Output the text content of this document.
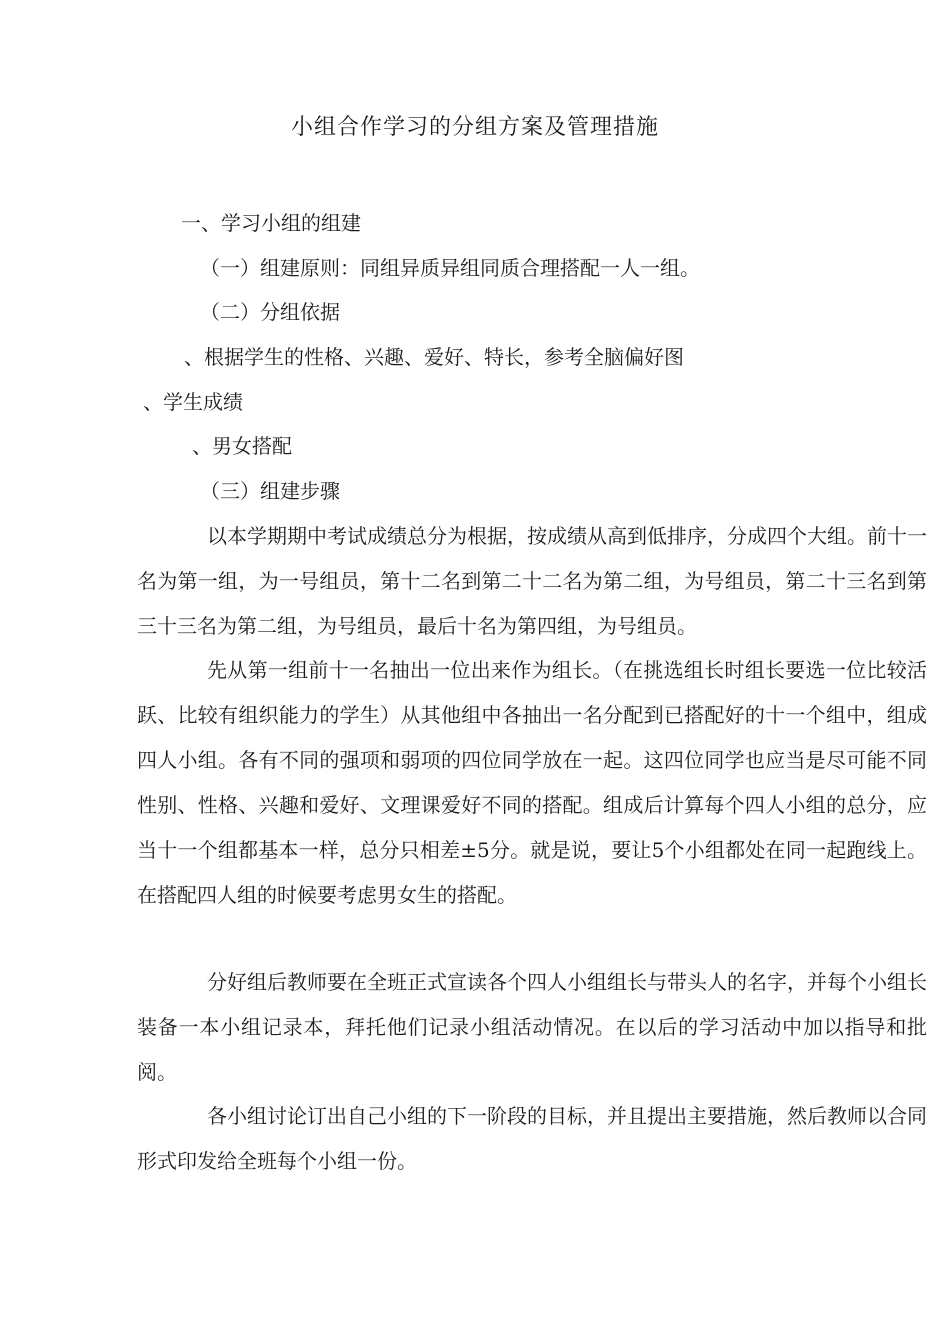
小组合作学习的分组方案及管理措施
一、学习小组的组建
（一）组建原则：同组异质异组同质合理搭配一人一组。
（二）分组依据
、根据学生的性格、兴趣、爱好、特长，参考全脑偏好图
、学生成绩
、男女搭配
（三）组建步骤
以本学期期中考试成绩总分为根据，按成绩从高到低排序，分成四个大组。前十一名为第一组，为一号组员，第十二名到第二十二名为第二组，为号组员，第二十三名到第三十三名为第二组，为号组员，最后十名为第四组，为号组员。
先从第一组前十一名抽出一位出来作为组长。（在挑选组长时组长要选一位比较活跃、比较有组织能力的学生）从其他组中各抽出一名分配到已搭配好的十一个组中，组成四人小组。各有不同的强项和弱项的四位同学放在一起。这四位同学也应当是尽可能不同性别、性格、兴趣和爱好、文理课爱好不同的搭配。组成后计算每个四人小组的总分，应当十一个组都基本一样，总分只相差±5分。就是说，要让5个小组都处在同一起跑线上。在搭配四人组的时候要考虑男女生的搭配。
分好组后教师要在全班正式宣读各个四人小组组长与带头人的名字，并每个小组长装备一本小组记录本，拜托他们记录小组活动情况。在以后的学习活动中加以指导和批阅。
各小组讨论订出自己小组的下一阶段的目标，并且提出主要措施，然后教师以合同形式印发给全班每个小组一份。
